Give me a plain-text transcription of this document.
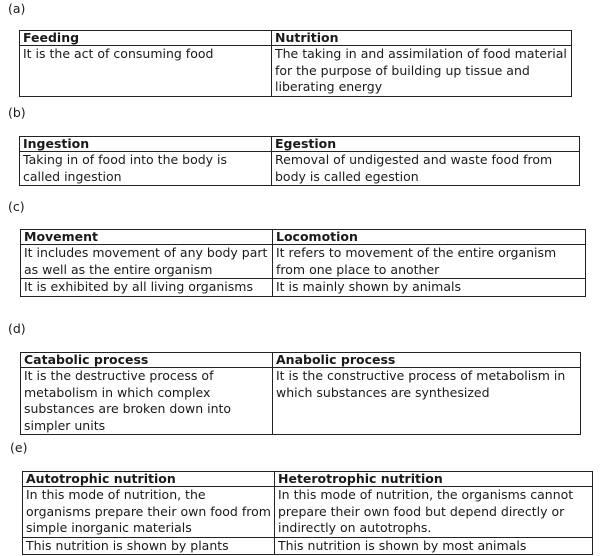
(a)
Feeding	Nutrition
It is the act of consuming food	The taking in and assimilation of food material for the purpose of building up tissue and liberating energy
(b)
Ingestion	Egestion
Taking in of food into the body is called ingestion	Removal of undigested and waste food from body is called egestion
(c)
Movement	Locomotion
It includes movement of any body part as well as the entire organism	It refers to movement of the entire organism from one place to another
It is exhibited by all living organisms	It is mainly shown by animals
(d)
Catabolic process	Anabolic process
It is the destructive process of metabolism in which complex substances are broken down into simpler units	It is the constructive process of metabolism in which substances are synthesized
(e)
Autotrophic nutrition	Heterotrophic nutrition
In this mode of nutrition, the organisms prepare their own food from simple inorganic materials	In this mode of nutrition, the organisms cannot prepare their own food but depend directly or indirectly on autotrophs.
This nutrition is shown by plants	This nutrition is shown by most animals
